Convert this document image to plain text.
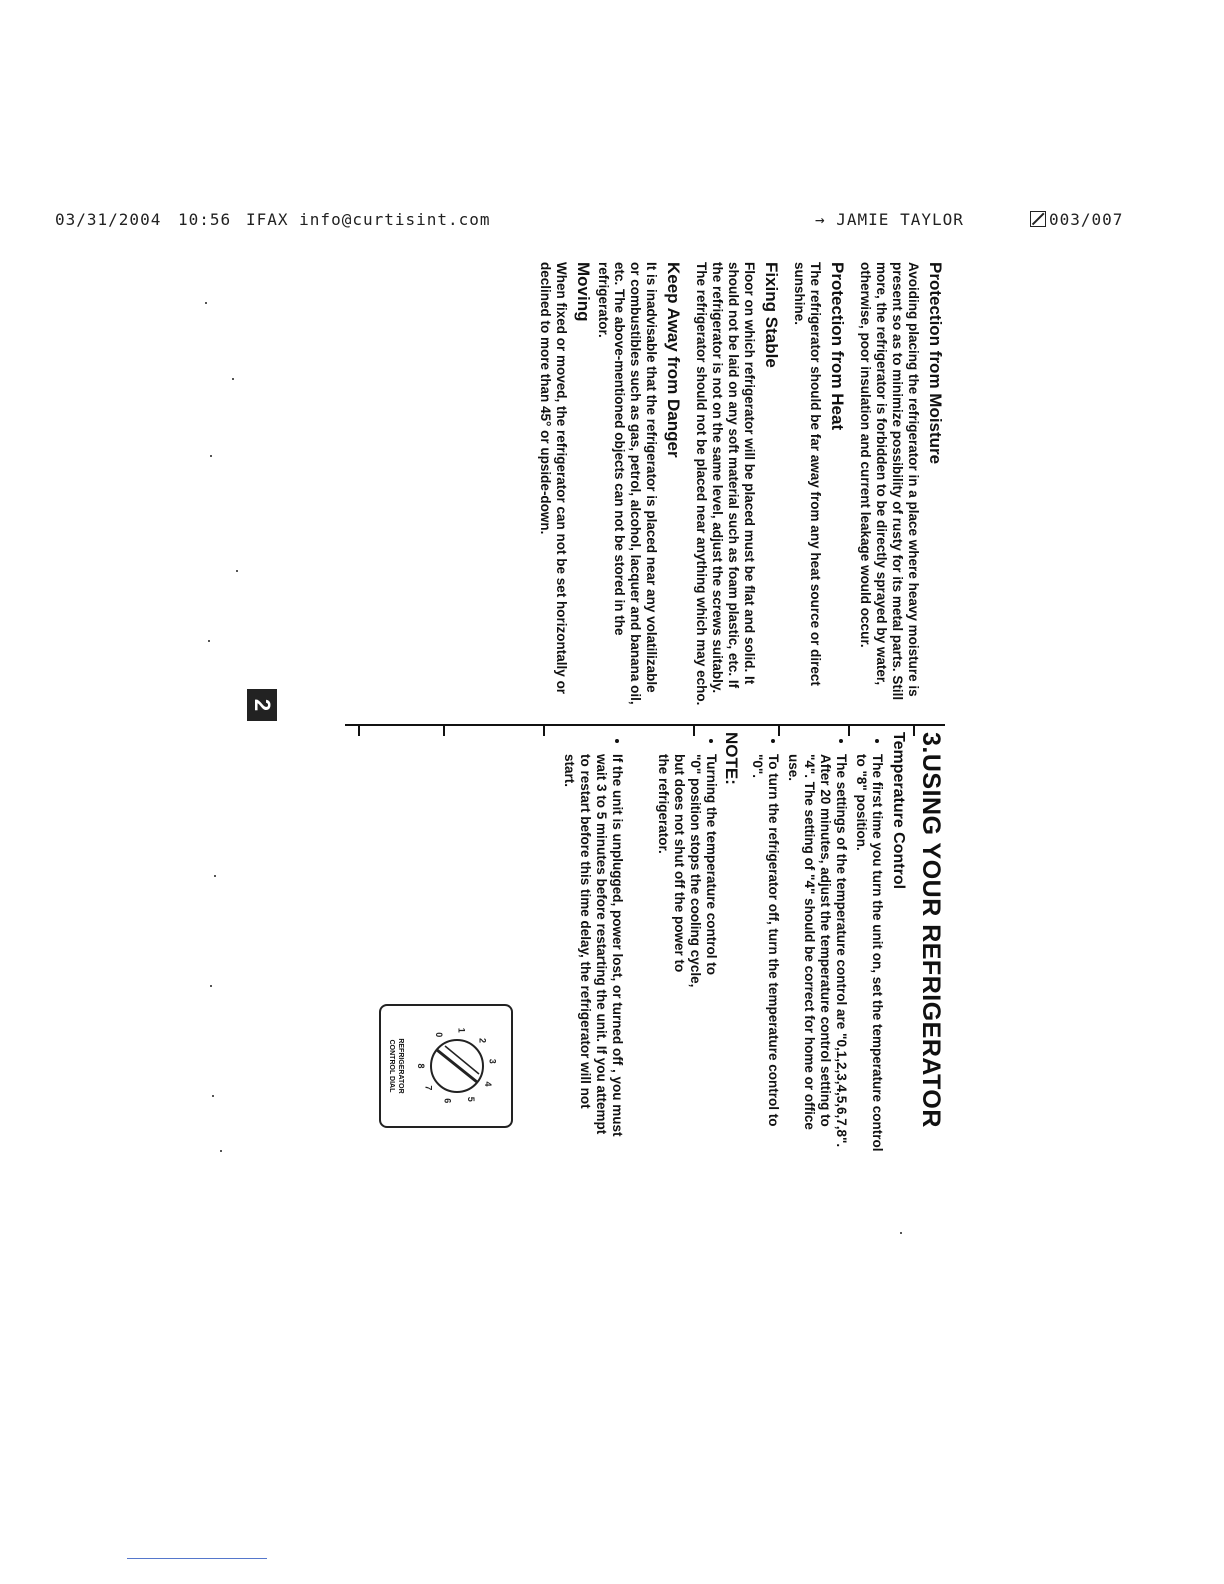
03/31/2004 10:56 IFAX info@curtisint.com	→ JAMIE TAYLOR	003/007
Protection from Moisture
Avoiding placing the refrigerator in a place where heavy moisture is present so as to minimize possibility of rusty for its metal parts. Still more, the refrigerator is forbidden to be directly sprayed by water, otherwise, poor insulation and current leakage would occur.
Protection from Heat
The refrigerator should be far away from any heat source or direct sunshine.
Fixing Stable
Floor on which refrigerator will be placed must be flat and solid. It should not be laid on any soft material such as foam plastic, etc. If the refrigerator is not on the same level, adjust the screws suitably. The refrigerator should not be placed near anything which may echo.
Keep Away from Danger
It is inadvisable that the refrigerator is placed near any volatilizable or combustibles such as gas, petrol, alcohol, lacquer and banana oil, etc. The above-mentioned objects can not be stored in the refrigerator.
Moving
When fixed or moved, the refrigerator can not be set horizontally or declined to more than 45° or upside-down.
3.USING YOUR REFRIGERATOR
Temperature Control
• The first time you turn the unit on, set the temperature control to "8" position.
• The settings of the temperature control are "0,1,2,3,4,5,6,7,8". After 20 minutes, adjust the temperature control setting to "4". The setting of "4" should be correct for home or office use.
• To turn the refrigerator off, turn the temperature control to "0".
NOTE:
• Turning the temperature control to "0" position stops the cooling cycle, but does not shut off the power to the refrigerator.
• If the unit is unplugged, power lost, or turned off , you must wait 3 to 5 minutes before restarting the unit. If you attempt to restart before this time delay, the refrigerator will not start.
0
1
2
3
4
5
6
7
8
REFRIGERATOR
CONTROL DIAL
2
